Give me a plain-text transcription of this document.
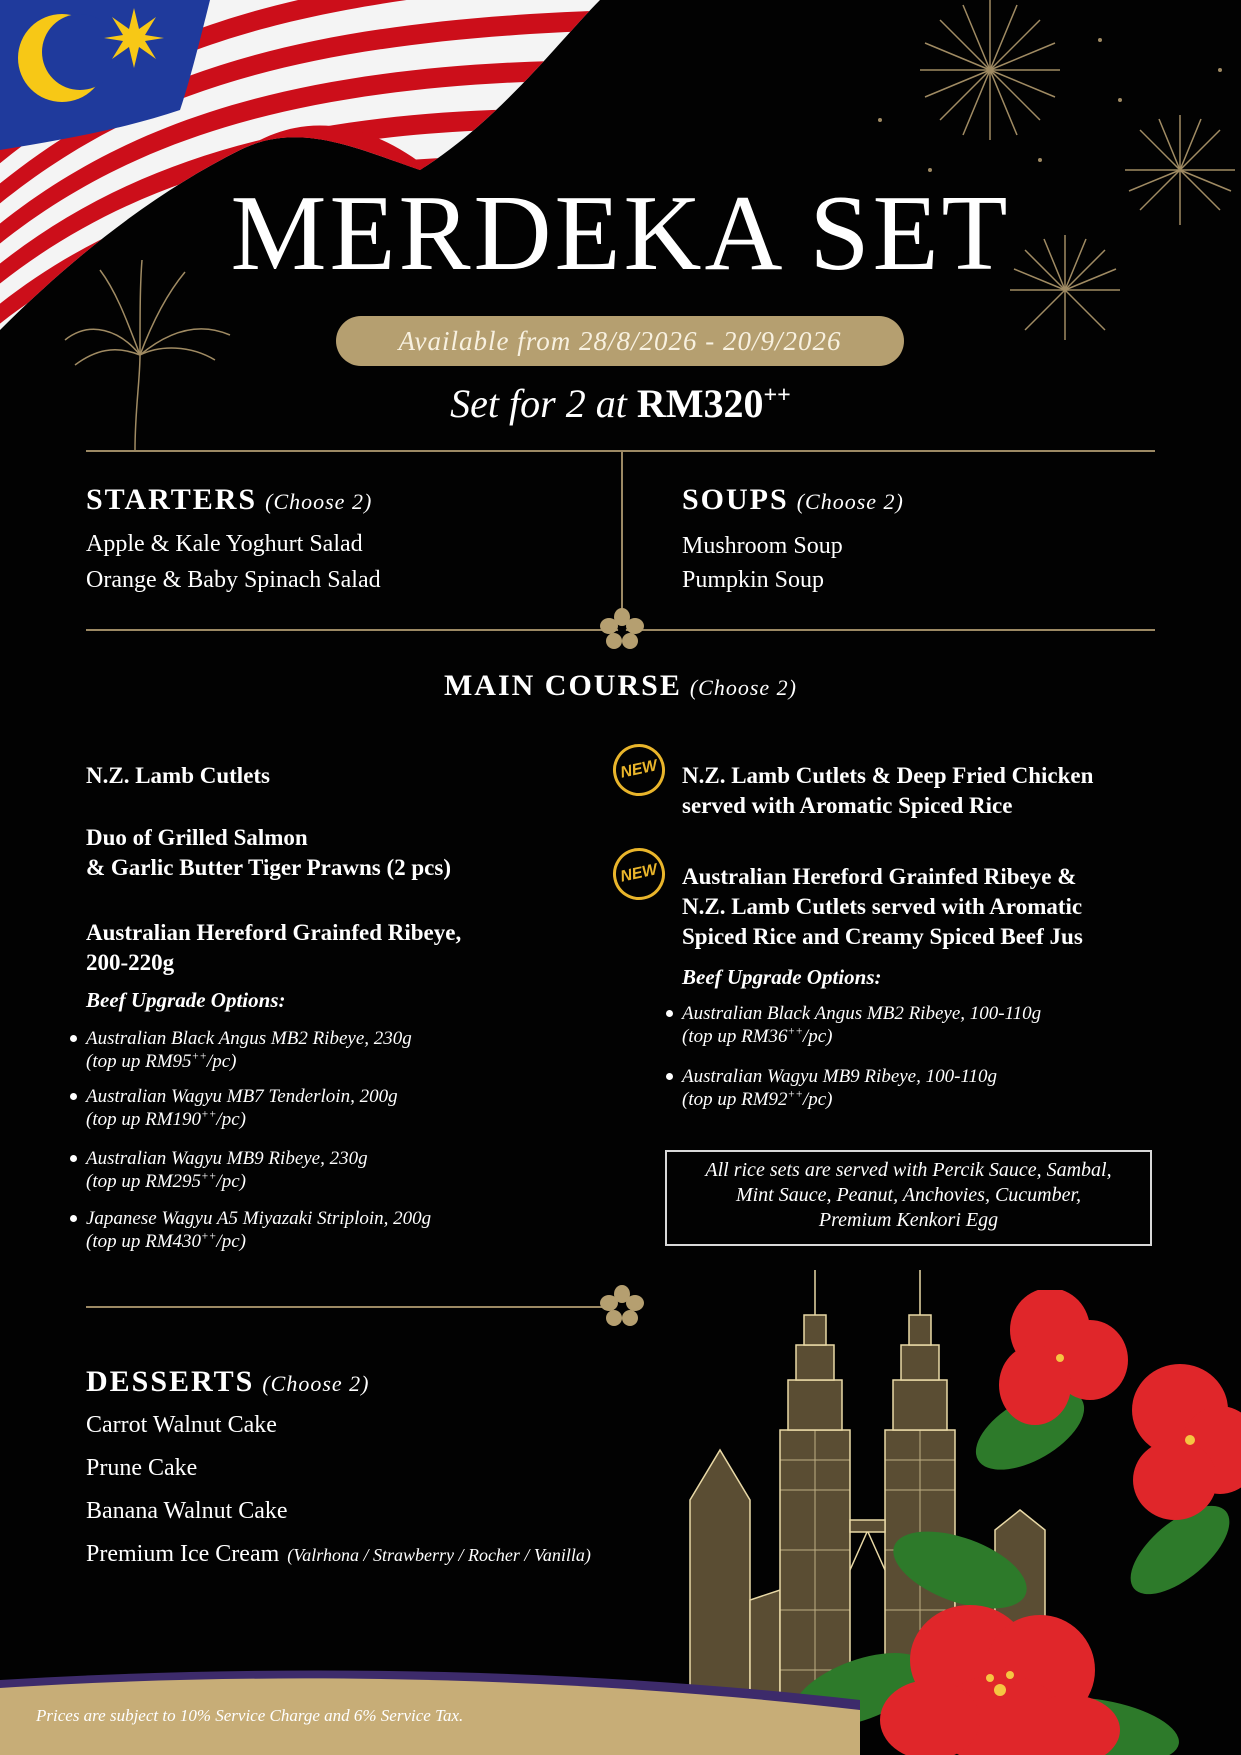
MERDEKA SET
Available from 28/8/2026 - 20/9/2026
Set for 2 at RM320++
STARTERS (Choose 2)
Apple & Kale Yoghurt Salad
Orange & Baby Spinach Salad
SOUPS (Choose 2)
Mushroom Soup
Pumpkin Soup
MAIN COURSE (Choose 2)
N.Z. Lamb Cutlets
Duo of Grilled Salmon
& Garlic Butter Tiger Prawns (2 pcs)
Australian Hereford Grainfed Ribeye,
200-220g
Beef Upgrade Options:
Australian Black Angus MB2 Ribeye, 230g
(top up RM95++/pc)
Australian Wagyu MB7 Tenderloin, 200g
(top up RM190++/pc)
Australian Wagyu MB9 Ribeye, 230g
(top up RM295++/pc)
Japanese Wagyu A5 Miyazaki Striploin, 200g
(top up RM430++/pc)
NEW	N.Z. Lamb Cutlets & Deep Fried Chicken
served with Aromatic Spiced Rice
NEW	Australian Hereford Grainfed Ribeye &
N.Z. Lamb Cutlets served with Aromatic
Spiced Rice and Creamy Spiced Beef Jus
Beef Upgrade Options:
Australian Black Angus MB2 Ribeye, 100-110g
(top up RM36++/pc)
Australian Wagyu MB9 Ribeye, 100-110g
(top up RM92++/pc)
All rice sets are served with Percik Sauce, Sambal,
Mint Sauce, Peanut, Anchovies, Cucumber,
Premium Kenkori Egg
DESSERTS (Choose 2)
Carrot Walnut Cake
Prune Cake
Banana Walnut Cake
Premium Ice Cream (Valrhona / Strawberry / Rocher / Vanilla)
Prices are subject to 10% Service Charge and 6% Service Tax.
